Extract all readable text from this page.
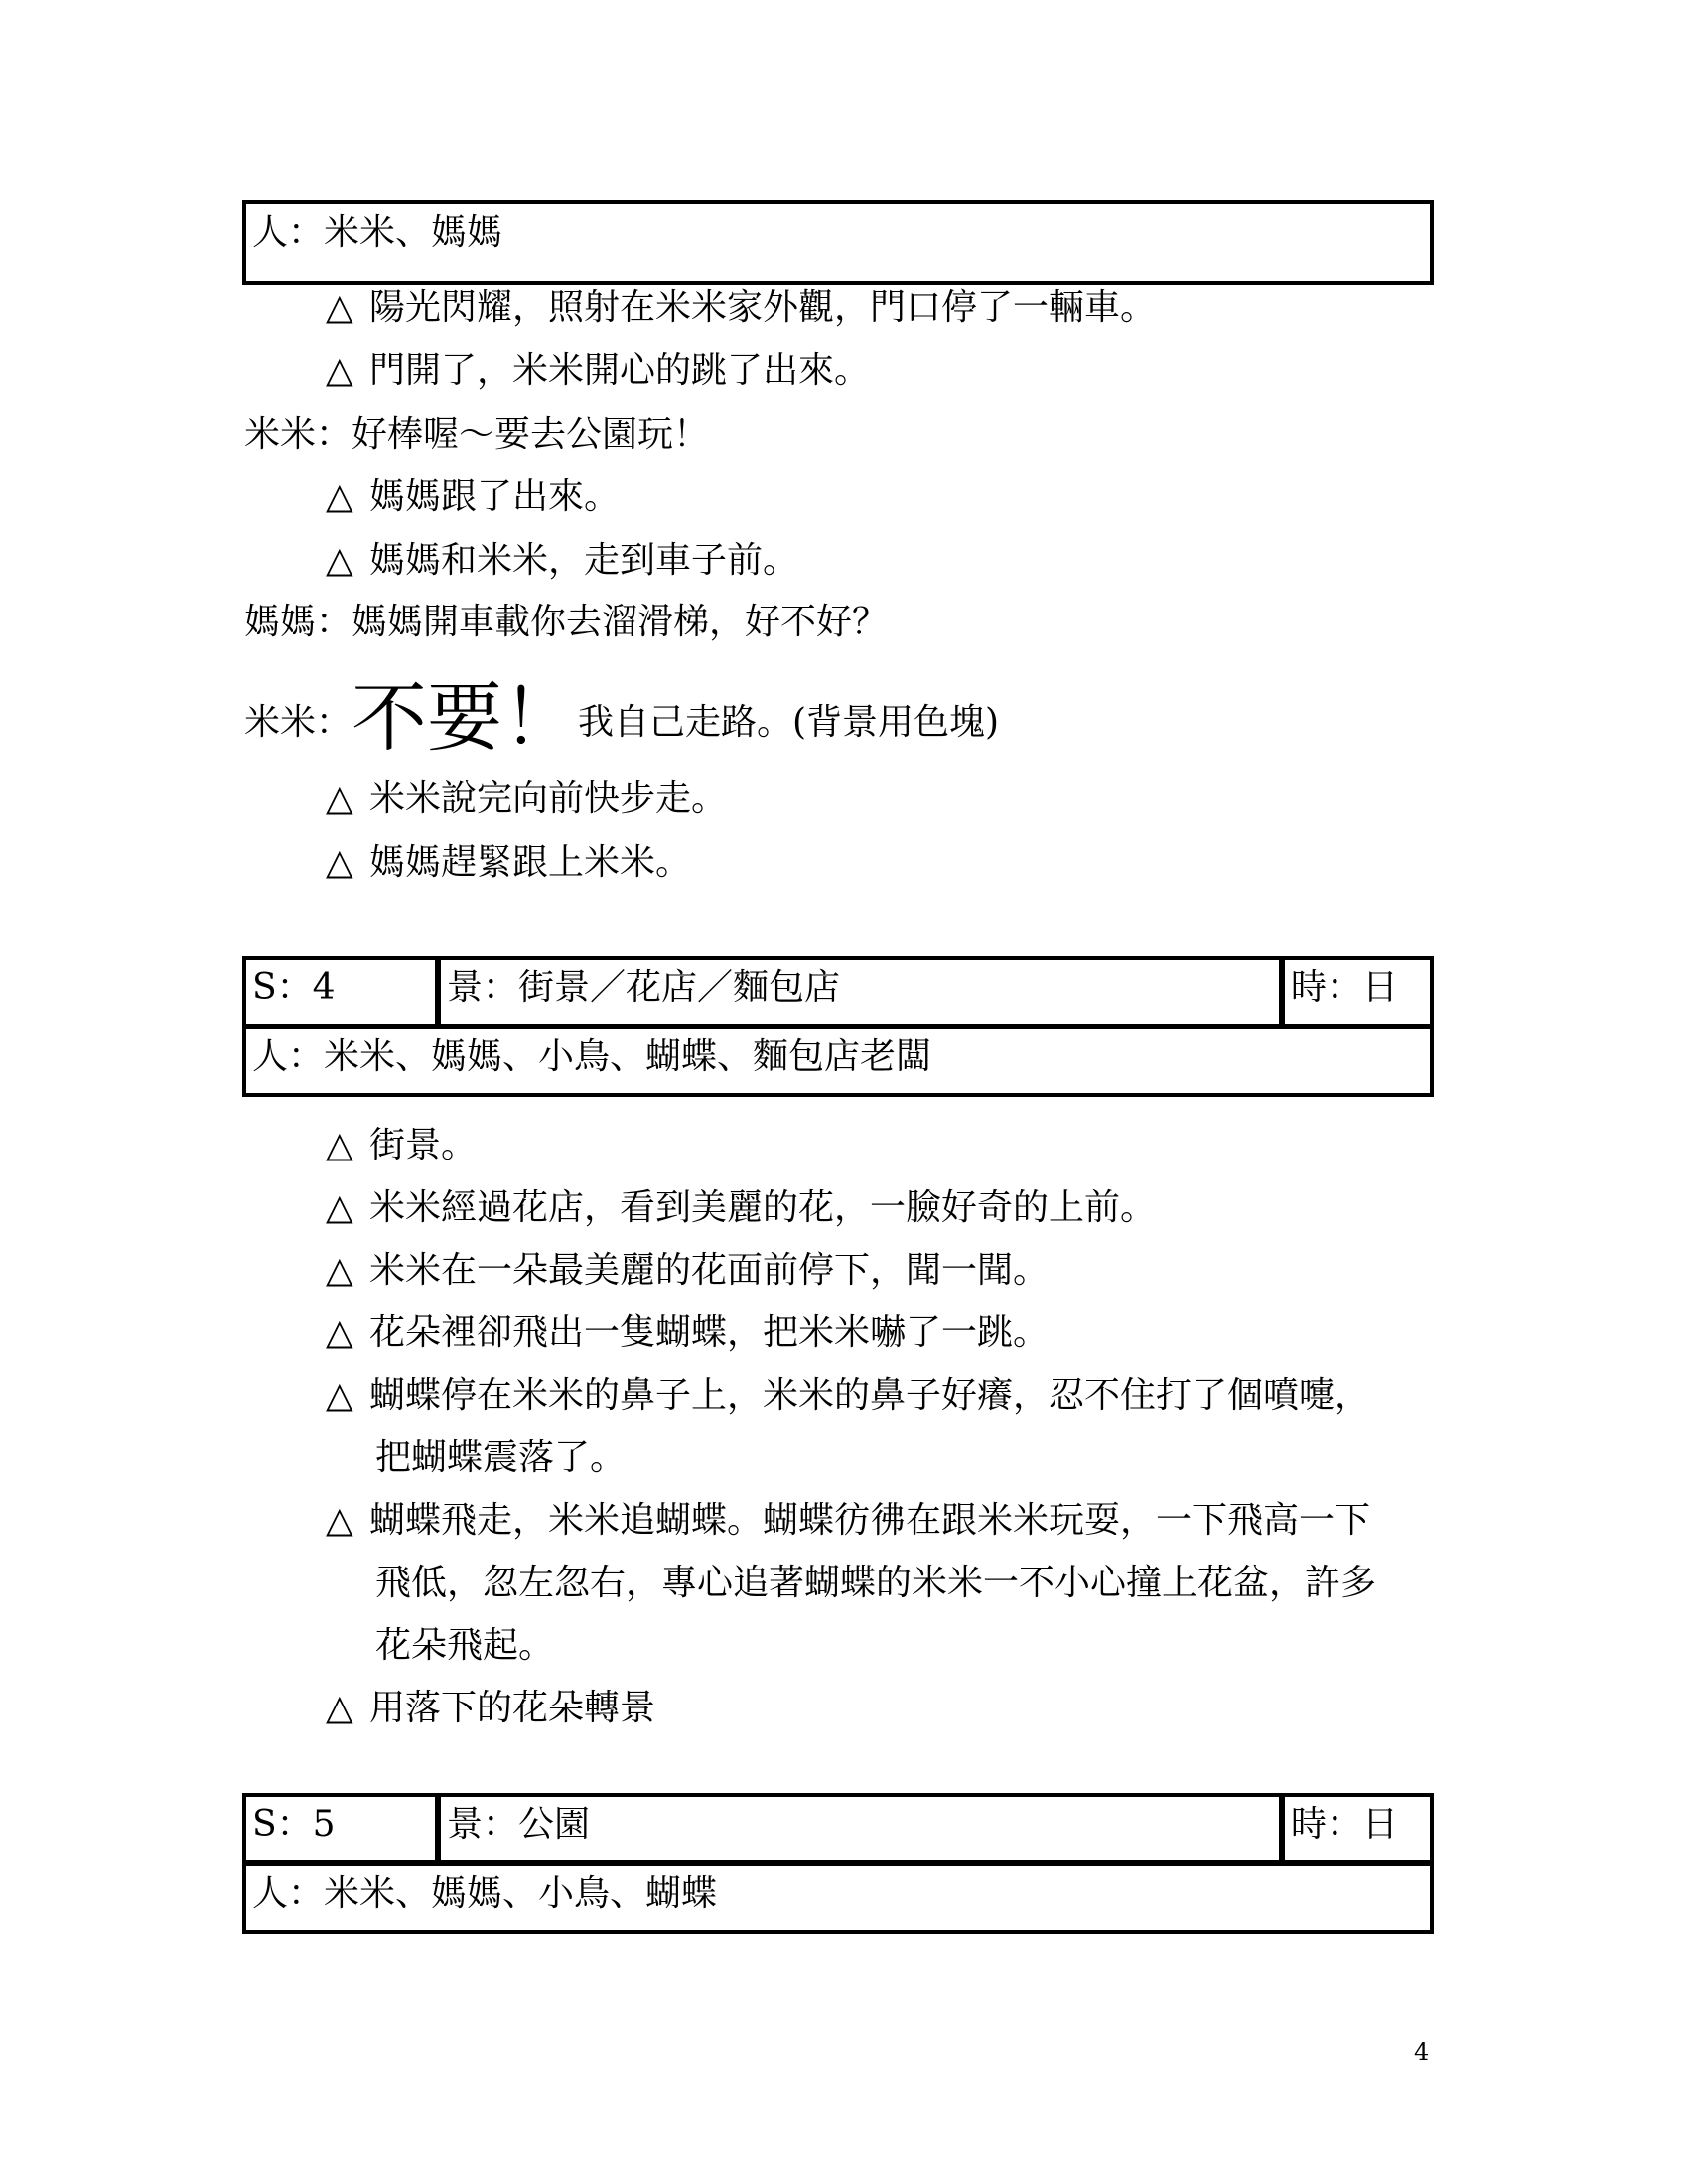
人：米米、媽媽
△ 陽光閃耀，照射在米米家外觀，門口停了一輛車。
△ 門開了，米米開心的跳了出來。
米米：好棒喔～要去公園玩！
△ 媽媽跟了出來。
△ 媽媽和米米，走到車子前。
媽媽：媽媽開車載你去溜滑梯，好不好？
米米：不要！我自己走路。(背景用色塊)
△ 米米說完向前快步走。
△ 媽媽趕緊跟上米米。
S：4	景：街景／花店／麵包店	時：日
人：米米、媽媽、小鳥、蝴蝶、麵包店老闆
△ 街景。
△ 米米經過花店，看到美麗的花，一臉好奇的上前。
△ 米米在一朵最美麗的花面前停下，聞一聞。
△ 花朵裡卻飛出一隻蝴蝶，把米米嚇了一跳。
△ 蝴蝶停在米米的鼻子上，米米的鼻子好癢，忍不住打了個噴嚏，
把蝴蝶震落了。
△ 蝴蝶飛走，米米追蝴蝶。蝴蝶彷彿在跟米米玩耍，一下飛高一下
飛低，忽左忽右，專心追著蝴蝶的米米一不小心撞上花盆，許多
花朵飛起。
△ 用落下的花朵轉景
S：5	景：公園	時：日
人：米米、媽媽、小鳥、蝴蝶
4
